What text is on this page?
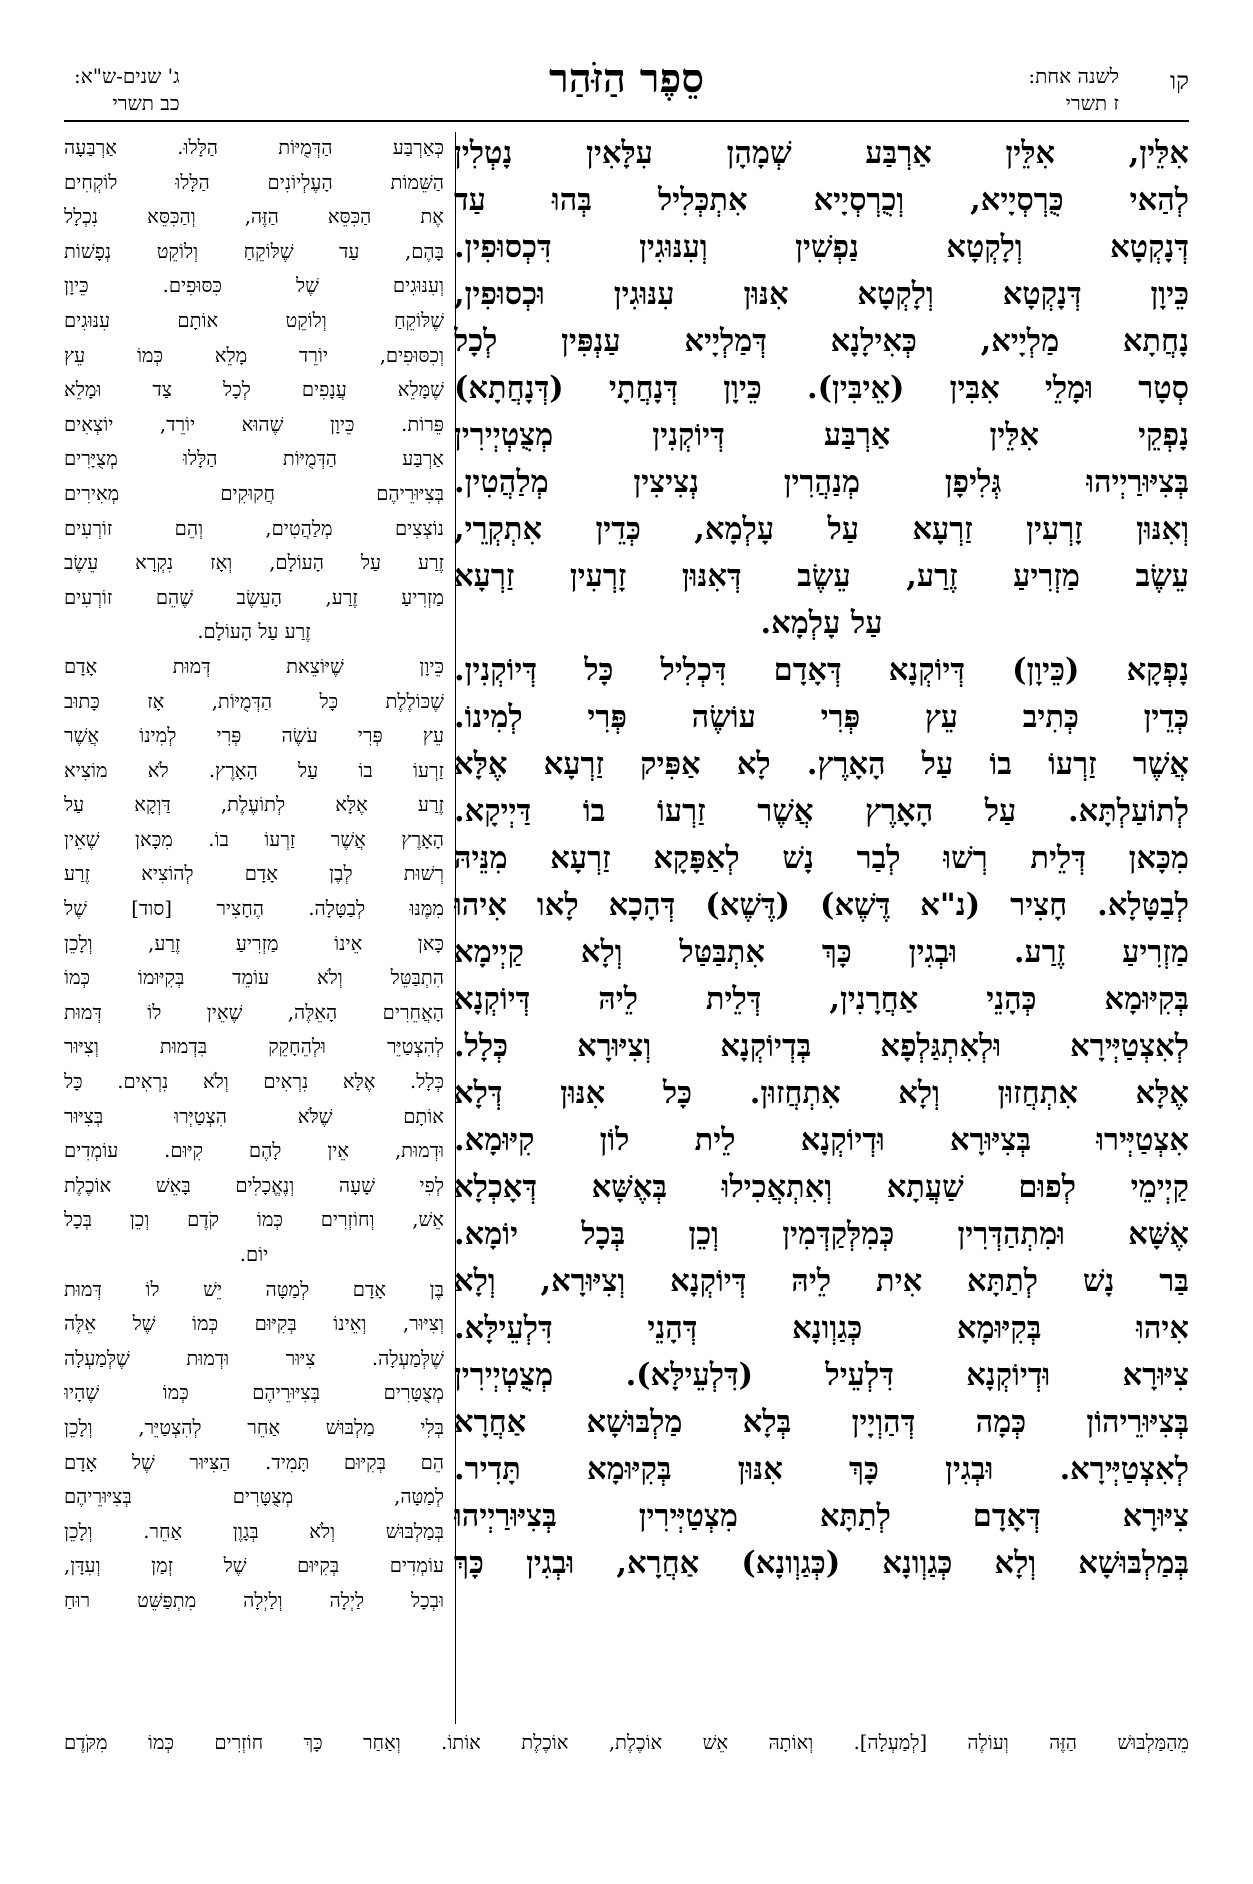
קו
לשנה אחת:
ז תשרי
סֵפֶר הַזֹּהַר
ג' שנים-ש"א:
כב תשרי
אִלֵּין, אִלֵּין אַרְבַּע שְׁמָהָן עִלָּאִין נָטְלִין
לְהַאי כֻּרְסְיָיא, וְכֻרְסְיָיא אִתְכְּלִיל בְּהוּ עַד
דְּנָקְטָא וְלָקְטָא נַפְשִׁין וְעִנּוּגִין דִּכְסוּפִין.
כֵּיוָן דְּנָקְטָא וְלָקְטָא אִנּוּן עִנּוּגִין וּכְסוּפִין,
נָחֲתָא מַלְיָיא, כְּאִילָנָא דְּמַלְיָיא עַנְפִּין לְכָל
סְטָר וּמָלֵי אִבִּין (אֵיבִּין). כֵּיוָן דְּנָחֲתָי (דְּנָחֲתָא)
נָפְקֵי אִלֵּין אַרְבַּע דְּיוֹקְנִין מְצֻטְיְירִין
בְּצִיּוּרַיְיהוּ גְּלִיפָן מְנַהֲרִין נְצִיצִין מְלַהֲטִין.
וְאִנּוּן זָרְעִין זַרְעָא עַל עָלְמָא, כְּדֵין אִתְקְרֵי,
עֵשֶׂב מַזְרִיעַ זֶרַע, עֵשֶׂב דְּאִנּוּן זָרְעִין זַרְעָא
עַל עָלְמָא.
נָפְקָא (כֵּיוָן) דְּיוֹקְנָא דְּאָדָם דִּכְלִיל כָּל דְּיוֹקְנִין.
כְּדֵין כְּתִיב עֵץ פְּרִי עוֹשֶׂה פְּרִי לְמִינוֹ.
אֲשֶׁר זַרְעוֹ בוֹ עַל הָאָרֶץ. לָא אַפִּיק זַרְעָא אֶלָּא
לְתוֹעַלְתָּא. עַל הָאָרֶץ אֲשֶׁר זַרְעוֹ בוֹ דַּיְיקָא.
מִכָּאן דְּלֵית רְשׁוּ לְבַר נָשׁ לְאַפָּקָא זַרְעָא מִנֵּיהּ
לְבַטָּלָא. חָצִיר (נ"א דֶּשֶׁא) (דֶּשֶׁא) דְּהָכָא לָאו אִיהוּ
מַזְרִיעַ זֶרַע. וּבְגִין כָּךְ אִתְבַּטַּל וְלָא קַיְימָא
בְּקִיּוּמָא כְּהָנֵי אַחֲרָנִין, דְּלֵית לֵיהּ דְּיוֹקְנָא
לְאִצְטַיְּירָא וּלְאִתְגַּלְפָא בְּדְיוֹקְנָא וְצִיּוּרָא כְּלָל.
אֶלָּא אִתְחֲזוּן וְלָא אִתְחֲזוּן. כָּל אִנּוּן דְּלָא
אִצְטַיְּירוּ בְּצִיּוּרָא וּדְיוֹקְנָא לֵית לוֹן קִיּוּמָא.
קַיְימֵי לְפוּם שַׁעֲתָא וְאִתְאֲכִילוּ בְּאֶשָּׁא דְּאָכְלָא
אֶשָּׁא וּמִתְהַדְּרִין כְּמִלְּקַדְּמִין וְכֵן בְּכָל יוֹמָא.
בַּר נָשׁ לְתַתָּא אִית לֵיהּ דְּיוֹקְנָא וְצִיּוּרָא, וְלָא
אִיהוּ בְּקִיּוּמָא כְּגַוְונָא דְּהָנֵי דִּלְעֵילָּא.
צִיּוּרָא וּדְיוֹקְנָא דִּלְעֵיל (דִּלְעֵילָּא). מְצֻטְיְירִין
בְּצִיּוּרֵיהוֹן כְּמָה דְּהַוְיָין בְּלָא מַלְבּוּשָׁא אַחֲרָא
לְאִצְטַיְּירָא. וּבְגִין כָּךְ אִנּוּן בְּקִיּוּמָא תָּדִיר.
צִיּוּרָא דְּאָדָם לְתַתָּא מִצְטַיְּירִין בְּצִיּוּרַיְיהוּ
בְּמַלְבּוּשָׁא וְלָא כְּגַוְונָא (כְּגַוְונָא) אַחֲרָא, וּבְגִין כָּךְ
כְּאַרְבַּע הַדְּמֻיּוֹת הַלָּלוּ. אַרְבַּעָה
הַשֵּׁמוֹת הָעֶלְיוֹנִים הַלָּלוּ לוֹקְחִים
אֶת הַכִּסֵּא הַזֶּה, וְהַכִּסֵּא נִכְלָל
בָּהֶם, עַד שֶׁלּוֹקֵחַ וְלוֹקֵט נְפָשׁוֹת
וְעִנּוּגִים שֶׁל כִּסּוּפִים. כֵּיוָן
שֶׁלּוֹקֵחַ וְלוֹקֵט אוֹתָם עִנּוּגִים
וְכִסּוּפִים, יוֹרֵד מָלֵא כְּמוֹ עֵץ
שֶׁמָּלֵא עֲנָפִים לְכָל צַד וּמָלֵא
פֵּרוֹת. כֵּיוָן שֶׁהוּא יוֹרֵד, יוֹצְאִים
אַרְבַּע הַדְּמֻיּוֹת הַלָּלוּ מְצֻיָּרִים
בְּצִיּוּרֵיהֶם חֲקוּקִים מְאִירִים
נוֹצְצִים מְלַהֲטִים, וְהֵם זוֹרְעִים
זֶרַע עַל הָעוֹלָם, וְאָז נִקְרָא עֵשֶׂב
מַזְרִיעַ זֶרַע, הָעֵשֶׂב שֶׁהֵם זוֹרְעִים
זֶרַע עַל הָעוֹלָם.
כֵּיוָן שֶׁיּוֹצֵאת דְּמוּת אָדָם
שֶׁכּוֹלֶלֶת כָּל הַדְּמֻיּוֹת, אָז כָּתוּב
עֵץ פְּרִי עֹשֶׂה פְּרִי לְמִינוֹ אֲשֶׁר
זַרְעוֹ בוֹ עַל הָאָרֶץ. לֹא מוֹצִיא
זֶרַע אֶלָּא לְתוֹעֶלֶת, דַּוְקָא עַל
הָאָרֶץ אֲשֶׁר זַרְעוֹ בוֹ. מִכָּאן שֶׁאֵין
רְשׁוּת לְבֶן אָדָם לְהוֹצִיא זֶרַע
מִמֶּנּוּ לְבַטָּלָה. הֶחָצִיר [סוד] שֶׁל
כָּאן אֵינוֹ מַזְרִיעַ זֶרַע, וְלָכֵן
הִתְבַּטֵּל וְלֹא עוֹמֵד בְּקִיּוּמוֹ כְּמוֹ
הָאֲחֵרִים הָאֵלֶּה, שֶׁאֵין לוֹ דְּמוּת
לְהִצְטַיֵּר וּלְהֵחָקֵק בִּדְמוּת וְצִיּוּר
כְּלָל. אֶלָּא נִרְאִים וְלֹא נִרְאִים. כָּל
אוֹתָם שֶׁלֹּא הִצְטַיְּרוּ בְּצִיּוּר
וּדְמוּת, אֵין לָהֶם קִיּוּם. עוֹמְדִים
לְפִי שָׁעָה וְנֶאֱכָלִים בָּאֵשׁ אוֹכֶלֶת
אֵשׁ, וְחוֹזְרִים כְּמוֹ קֹדֶם וְכֵן בְּכָל
יוֹם.
בֶּן אָדָם לְמַטָּה יֵשׁ לוֹ דְּמוּת
וְצִיּוּר, וְאֵינוֹ בְּקִיּוּם כְּמוֹ שֶׁל אֵלֶּה
שֶׁלְּמַעְלָה. צִיּוּר וּדְמוּת שֶׁלְּמַעְלָה
מְצֻטָּרִים בְּצִיּוּרֵיהֶם כְּמוֹ שֶׁהָיוּ
בְּלִי מַלְבּוּשׁ אַחֵר לְהִצְטַיֵּר, וְלָכֵן
הֵם בְּקִיּוּם תָּמִיד. הַצִּיּוּר שֶׁל אָדָם
לְמַטָּה, מְצֻטָּרִים בְּצִיּוּרֵיהֶם
בְּמַלְבּוּשׁ וְלֹא בְּגָוֶן אַחֵר. וְלָכֵן
עוֹמְדִים בְּקִיּוּם שֶׁל זְמַן וְעִדָּן,
וּבְכָל לַיְלָה וְלַיְלָה מִתְפַּשֵּׁט רוּחַ
מֵהַמַּלְבּוּשׁ הַזֶּה וְעוֹלֶה [לְמַעְלָה]. וְאוֹתָהּ אֵשׁ אוֹכֶלֶת, אוֹכֶלֶת אוֹתוֹ. וְאַחַר כָּךְ חוֹזְרִים כְּמוֹ מִקֹּדֶם
